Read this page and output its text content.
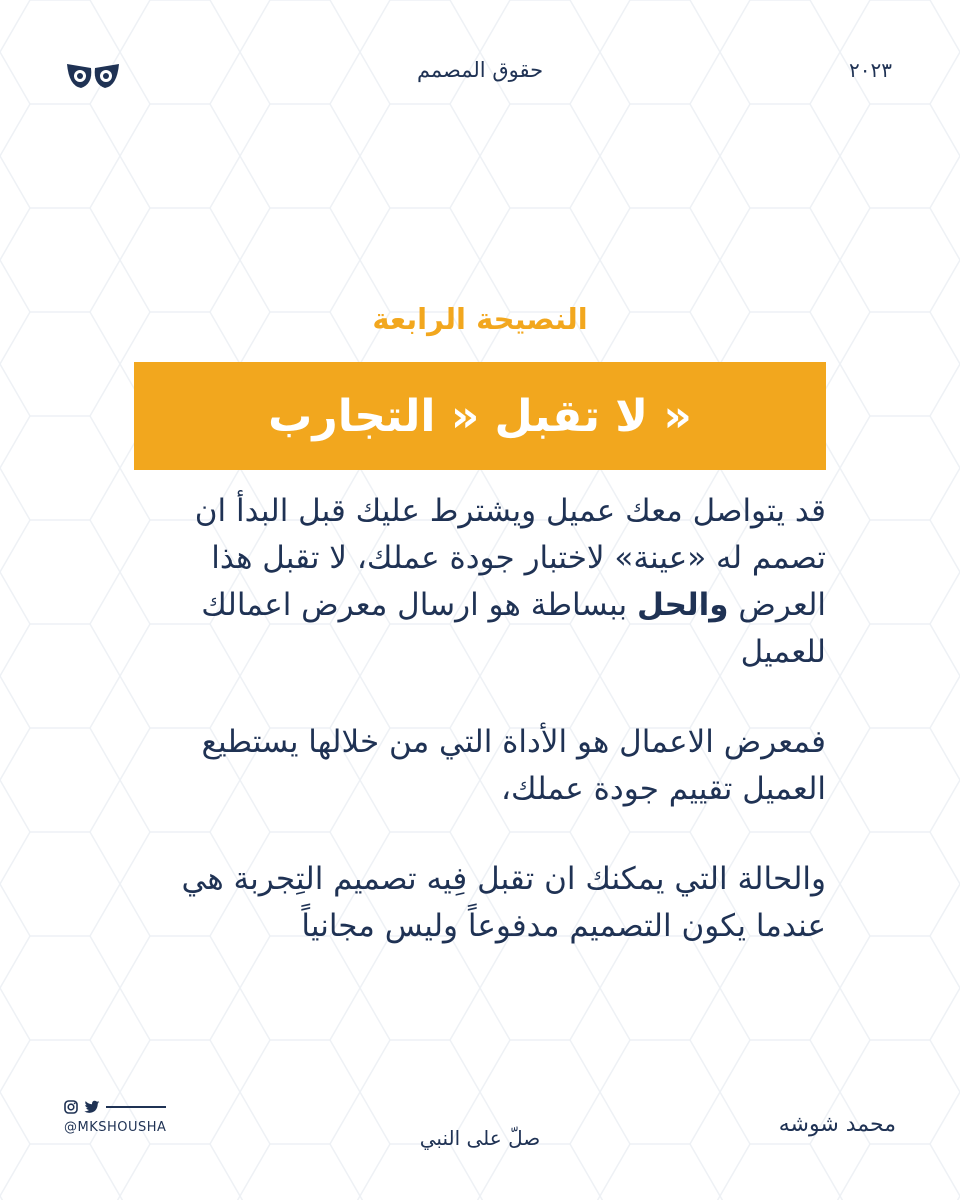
٢٠٢٣
حقوق المصمم
النصيحة الرابعة
لا تقبل « التجارب »

قد يتواصل معك عميل ويشترط عليك قبل البدأ ان تصمم له «عينة» لاختبار جودة عملك، لا تقبل هذا العرض والحل ببساطة هو ارسال معرض اعمالك للعميل

فمعرض الاعمال هو الأداة التي من خلالها يستطيع العميل تقييم جودة عملك،

والحالة التي يمكنك ان تقبل فِيه تصميم التِجربة هي عندما يكون التصميم مدفوعاً وليس مجانياً

@MKSHOUSHA	صلّ على النبي
محمد شوشه
